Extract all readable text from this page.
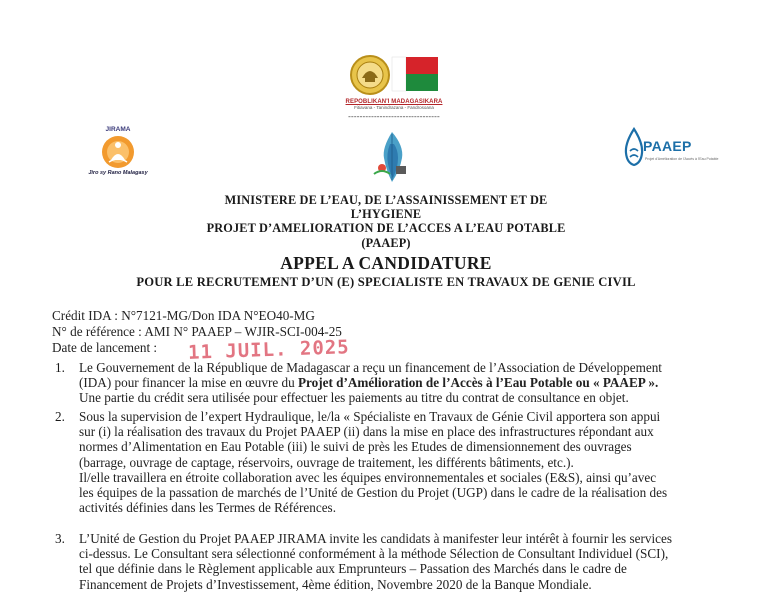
REPOBLIKAN'I MADAGASIKARA
Fitiavana - Tanindrazana - Fandrosoana
--------------------------------
JIRAMA
Jiro sy Rano Malagasy
PAAEP
Projet d'Amélioration de l'Accès à l'Eau Potable
MINISTERE DE L’EAU, DE L’ASSAINISSEMENT ET DE
L’HYGIENE
PROJET D’AMELIORATION DE L’ACCES A L’EAU POTABLE
(PAAEP)
APPEL A CANDIDATURE
POUR LE RECRUTEMENT D’UN (E) SPECIALISTE EN TRAVAUX DE GENIE CIVIL
Crédit IDA : N°7121-MG/Don IDA N°EO40-MG
N° de référence : AMI N° PAAEP – WJIR-SCI-004-25
Date de lancement : 11 JUIL. 2025
1. Le Gouvernement de la République de Madagascar a reçu un financement de l’Association de Développement
(IDA) pour financer la mise en œuvre du Projet d’Amélioration de l’Accès à l’Eau Potable ou « PAAEP ».
Une partie du crédit sera utilisée pour effectuer les paiements au titre du contrat de consultance en objet.
2. Sous la supervision de l’expert Hydraulique, le/la « Spécialiste en Travaux de Génie Civil apportera son appui
sur (i) la réalisation des travaux du Projet PAAEP (ii) dans la mise en place des infrastructures répondant aux
normes d’Alimentation en Eau Potable (iii) le suivi de près les Etudes de dimensionnement des ouvrages
(barrage, ouvrage de captage, réservoirs, ouvrage de traitement, les différents bâtiments, etc.).
Il/elle travaillera en étroite collaboration avec les équipes environnementales et sociales (E&S), ainsi qu’avec
les équipes de la passation de marchés de l’Unité de Gestion du Projet (UGP) dans le cadre de la réalisation des
activités définies dans les Termes de Références.
3. L’Unité de Gestion du Projet PAAEP JIRAMA invite les candidats à manifester leur intérêt à fournir les services
ci-dessus. Le Consultant sera sélectionné conformément à la méthode Sélection de Consultant Individuel (SCI),
tel que définie dans le Règlement applicable aux Emprunteurs – Passation des Marchés dans le cadre de
Financement de Projets d’Investissement, 4ème édition, Novembre 2020 de la Banque Mondiale.
